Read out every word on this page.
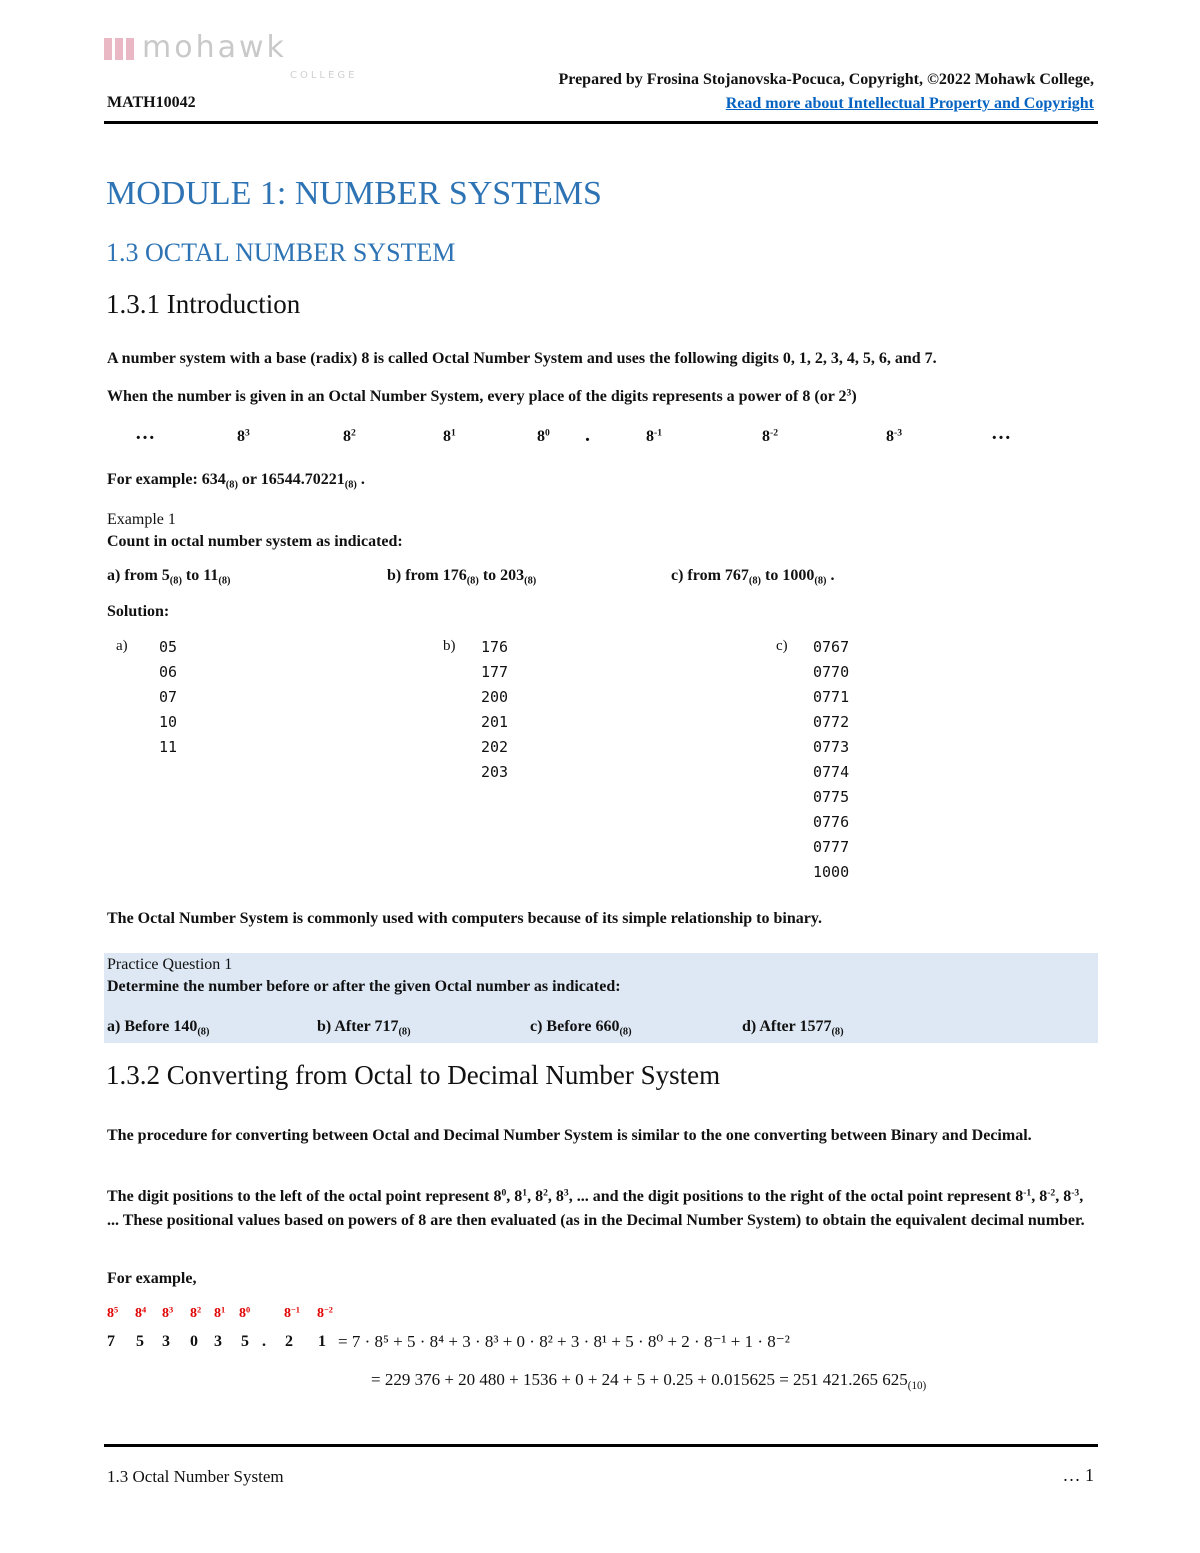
mohawk
COLLEGE
MATH10042
Prepared by Frosina Stojanovska-Pocuca, Copyright, ©2022 Mohawk College,
Read more about Intellectual Property and Copyright
MODULE 1: NUMBER SYSTEMS
1.3 OCTAL NUMBER SYSTEM
1.3.1 Introduction
A number system with a base (radix) 8 is called Octal Number System and uses the following digits 0, 1, 2, 3, 4, 5, 6, and 7.
When the number is given in an Octal Number System, every place of the digits represents a power of 8 (or $2^3$)
…	$8^3$	$8^2$	$8^1$	$8^0$ .	$8^{-1}$	$8^{-2}$	$8^{-3}$	…
For example: $634_{(8)}$ or $16544.70221_{(8)}$ .
Example 1
Count in octal number system as indicated:
a) from $5_{(8)}$ to $11_{(8)}$	b) from $176_{(8)}$ to $203_{(8)}$	c) from $767_{(8)}$ to $1000_{(8)}$ .
Solution:
a) 05
06
07
10
11
b) 176
177
200
201
202
203
c) 0767
0770
0771
0772
0773
0774
0775
0776
0777
1000
The Octal Number System is commonly used with computers because of its simple relationship to binary.
Practice Question 1
Determine the number before or after the given Octal number as indicated:
a) Before $140_{(8)}$	b) After $717_{(8)}$	c) Before $660_{(8)}$	d) After $1577_{(8)}$
1.3.2 Converting from Octal to Decimal Number System
The procedure for converting between Octal and Decimal Number System is similar to the one converting between Binary and Decimal.
The digit positions to the left of the octal point represent $8^0$, $8^1$, $8^2$, $8^3$, ... and the digit positions to the right of the octal point represent $8^{-1}$, $8^{-2}$, $8^{-3}$, ... These positional values based on powers of 8 are then evaluated (as in the Decimal Number System) to obtain the equivalent decimal number.
For example,
$8^5$ $8^4$ $8^3$ $8^2$ $8^1$ $8^0$ $8^{-1}$ $8^{-2}$
7 5 3 0 3 5 . 2 1 = 7 · 8⁵ + 5 · 8⁴ + 3 · 8³ + 0 · 8² + 3 · 8¹ + 5 · 8⁰ + 2 · 8⁻¹ + 1 · 8⁻²
= 229 376 + 20 480 + 1536 + 0 + 24 + 5 + 0.25 + 0.015625 = 251 421.265 $625_{(10)}$
1.3 Octal Number System	… 1
